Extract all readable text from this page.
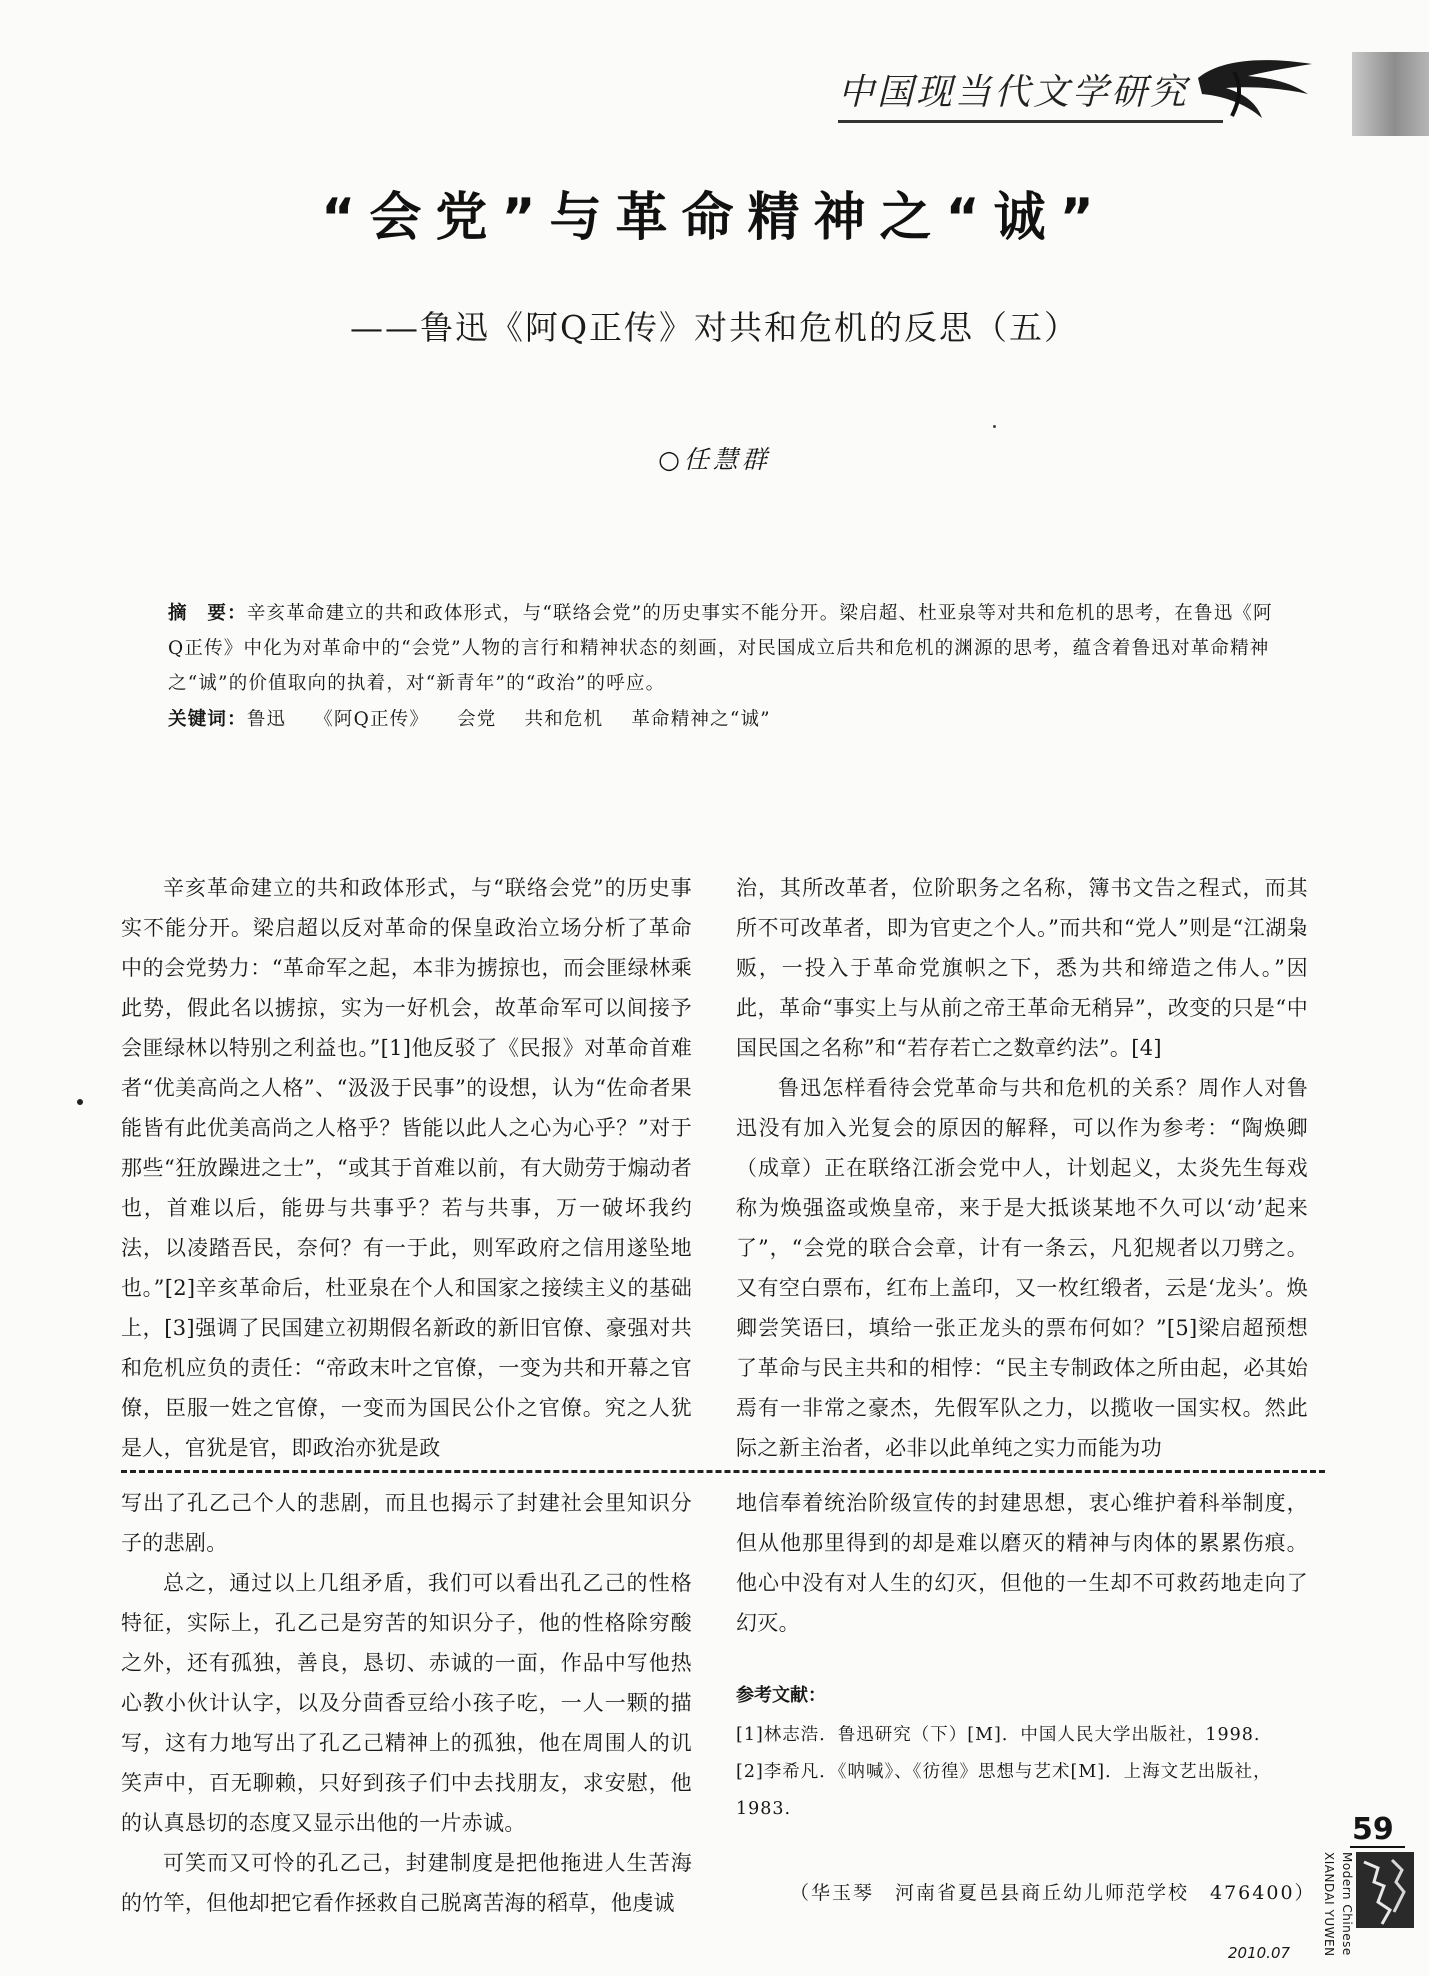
中国现当代文学研究
“会党”与革命精神之“诚”
——鲁迅《阿Q正传》对共和危机的反思（五）
○任慧群
摘　要：辛亥革命建立的共和政体形式，与“联络会党”的历史事实不能分开。梁启超、杜亚泉等对共和危机的思考，在鲁迅《阿Q正传》中化为对革命中的“会党”人物的言行和精神状态的刻画，对民国成立后共和危机的渊源的思考，蕴含着鲁迅对革命精神之“诚”的价值取向的执着，对“新青年”的“政治”的呼应。
关键词：鲁迅 《阿Q正传》 会党 共和危机 革命精神之“诚”

辛亥革命建立的共和政体形式，与“联络会党”的历史事实不能分开。梁启超以反对革命的保皇政治立场分析了革命中的会党势力：“革命军之起，本非为掳掠也，而会匪绿林乘此势，假此名以掳掠，实为一好机会，故革命军可以间接予会匪绿林以特别之利益也。”[1]他反驳了《民报》对革命首难者“优美高尚之人格”、“汲汲于民事”的设想，认为“佐命者果能皆有此优美高尚之人格乎？皆能以此人之心为心乎？”对于那些“狂放躁进之士”，“或其于首难以前，有大勋劳于煽动者也，首难以后，能毋与共事乎？若与共事，万一破坏我约法，以凌踏吾民，奈何？有一于此，则军政府之信用遂坠地也。”[2]辛亥革命后，杜亚泉在个人和国家之接续主义的基础上，[3]强调了民国建立初期假名新政的新旧官僚、豪强对共和危机应负的责任：“帝政末叶之官僚，一变为共和开幕之官僚，臣服一姓之官僚，一变而为国民公仆之官僚。究之人犹是人，官犹是官，即政治亦犹是政

治，其所改革者，位阶职务之名称，簿书文告之程式，而其所不可改革者，即为官吏之个人。”而共和“党人”则是“江湖枭贩，一投入于革命党旗帜之下，悉为共和缔造之伟人。”因此，革命“事实上与从前之帝王革命无稍异”，改变的只是“中国民国之名称”和“若存若亡之数章约法”。[4]

鲁迅怎样看待会党革命与共和危机的关系？周作人对鲁迅没有加入光复会的原因的解释，可以作为参考：“陶焕卿（成章）正在联络江浙会党中人，计划起义，太炎先生每戏称为焕强盗或焕皇帝，来于是大抵谈某地不久可以‘动’起来了”，“会党的联合会章，计有一条云，凡犯规者以刀劈之。又有空白票布，红布上盖印，又一枚红缎者，云是‘龙头’。焕卿尝笑语曰，填给一张正龙头的票布何如？”[5]梁启超预想了革命与民主共和的相悖：“民主专制政体之所由起，必其始焉有一非常之豪杰，先假军队之力，以揽收一国实权。然此际之新主治者，必非以此单纯之实力而能为功

写出了孔乙己个人的悲剧，而且也揭示了封建社会里知识分子的悲剧。

总之，通过以上几组矛盾，我们可以看出孔乙己的性格特征，实际上，孔乙己是穷苦的知识分子，他的性格除穷酸之外，还有孤独，善良，恳切、赤诚的一面，作品中写他热心教小伙计认字，以及分茴香豆给小孩子吃，一人一颗的描写，这有力地写出了孔乙己精神上的孤独，他在周围人的讥笑声中，百无聊赖，只好到孩子们中去找朋友，求安慰，他的认真恳切的态度又显示出他的一片赤诚。

可笑而又可怜的孔乙己，封建制度是把他拖进人生苦海的竹竿，但他却把它看作拯救自己脱离苦海的稻草，他虔诚

地信奉着统治阶级宣传的封建思想，衷心维护着科举制度，但从他那里得到的却是难以磨灭的精神与肉体的累累伤痕。他心中没有对人生的幻灭，但他的一生却不可救药地走向了幻灭。

参考文献：
[1]林志浩．鲁迅研究（下）[M]．中国人民大学出版社，1998.
[2]李希凡．《呐喊》、《彷徨》思想与艺术[M]．上海文艺出版社，1983.
（华玉琴　河南省夏邑县商丘幼儿师范学校　476400）
59
XIANDAI YUWEN Modern Chinese
2010.07
